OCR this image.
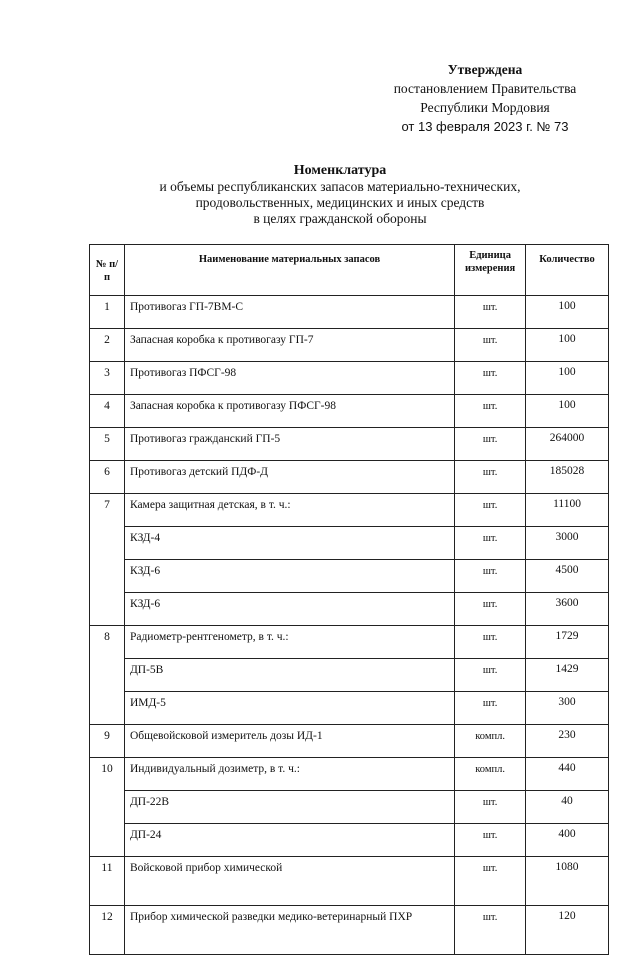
Утверждена
постановлением Правительства
Республики Мордовия
от 13 февраля 2023 г. № 73
Номенклатура
и объемы республиканских запасов материально-технических,
продовольственных, медицинских и иных средств
в целях гражданской обороны
№ п/п	Наименование материальных запасов	Единица измерения	Количество
1	Противогаз ГП-7ВМ-С	шт.	100
2	Запасная коробка к противогазу ГП-7	шт.	100
3	Противогаз ПФСГ-98	шт.	100
4	Запасная коробка к противогазу ПФСГ-98	шт.	100
5	Противогаз гражданский ГП-5	шт.	264000
6	Противогаз детский ПДФ-Д	шт.	185028
7	Камера защитная детская, в т. ч.:	шт.	11100
	КЗД-4	шт.	3000
	КЗД-6	шт.	4500
	КЗД-6	шт.	3600
8	Радиометр-рентгенометр, в т. ч.:	шт.	1729
	ДП-5В	шт.	1429
	ИМД-5	шт.	300
9	Общевойсковой измеритель дозы ИД-1	компл.	230
10	Индивидуальный дозиметр, в т. ч.:	компл.	440
	ДП-22В	шт.	40
	ДП-24	шт.	400
11	Войсковой прибор химической	шт.	1080
12	Прибор химической разведки медико-ветеринарный ПХР	шт.	120
